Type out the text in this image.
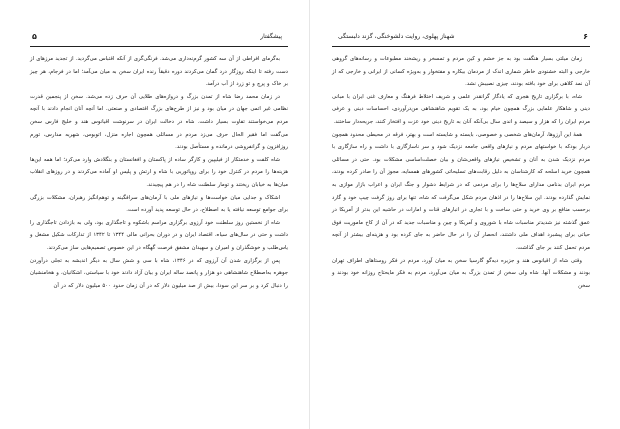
۵	پیشگفتار

به‌گرمای افراطی از آن سه کشور گرم‌نه‌داری می‌شد. فرنگی‌گری از آنکه اقتباس می‌گردید. از تجدید مرزهای از دست رفته تا اینکه روزگار درد گمان می‌کردند دوره دقیقاً رنده ایران سخن به میان می‌آمد؛ اما در فرجام، هر چیز بر خاک و پرچ و تو زرد از آب درآمد.

در زمان محمد رضا شاه از تمدن بزرگ و دروازه‌های طلایی آن حرف زده می‌شد. سخن از پنجمین قدرت نظامی غیر اتمی جهان در میان بود و نیز از طرح‌های بزرگ اقتصادی و صنعتی. اما آنچه آنان انجام دادند با آنچه مردم می‌خواستند تفاوت بسیار داشت. شاه در دخالت ایران در سرنوشت اقیانوس هند و خلیج فارس سخن می‌گفت اما فقیر الحال حرف می‌زد مردم در مسائلی همچون اجاره منزل، اتوبوس، شهریه مدارس، تورم روزافزون و گرانفروشی درمانده و مستأصل بودند.

شاه کلفت و خدمتکار از فیلیپین و کارگر ساده از پاکستان و افغانستان و بنگلادش وارد می‌کرد؛ اما همه این‌ها هزینه‌ها را مردم در کنترل خود را برای روپاتوریی با شاه و ارتش و پلیس او آماده می‌کردند و در روزهای انقلاب میان‌ها به خیابان ریختند و تومار سلطنت شاه را در هم پیچیدند.

اشکاک و جدایی میان خواست‌ها و نیازهای ملی با آرمان‌های سرافگینه و توهم‌انگیز رهبران، مشکلات بزرگی برای جوامع توسعه نیافته یا به اصطلاح، در حال توسعه پدید آورده است.

شاه از نخستین روز سلطنت خود آرزوی برگزاری مراسم باشکوه و تاجگذاری بود، ولی به بازدادن تاجگذاری را داشت و حتی در سال‌های سیاه، اقتصاد ایران و در دوران بحرانی مالی ۱۳۴۴ تا ۱۳۴۲ از تدارکات شکیل مشغل و یاس‌طلب و خوشگذران و امیران و سهیدان مشفق فرصت گهگاه در این خصوص تصمیم‌هایی ساز می‌کردند.

پس از برگزاری شدن آن آرزوی که در ۱۳۴۶، شاه با سی و شش سال به دیگر اندیشه به تجلی درآوردن جوهره به‌اصطلاح شاهنشاهی دو هزار و پانصد ساله ایران و بیان آزاد دادند خود با سیاستی، اشکانیان، و هخامنشیان را دنبال کرد و بر سر این سودا، بیش از صد میلیون دلار که در آن زمان حدود ۵۰۰ میلیون دلار که در آن

۶
شهناز پهلوی، روایت دلشوخنگی، گزند دلبستگی

زمان میلتی بسیار هنگفت بود به جز خشم و کین مردم و تمسخر و ریشخند مطبوعات و رسانه‌های گروهی خارجی و البته خشنودی خاطر شماری اندک از مردمان بیکاره و مفتخوار و به‌ویژه کسانی از ایرانی و خارجی که از آن نمد کلاهی برای خود بافته بودند، چیزی نصیبش نشد.

شاه، با برگزاری تاریخ هجری که یادگار گرانقدر علمی و شریف اختلاط فرهنگ و معارف غنی ایران با مبانی دینی و شاهکار علمایی بزرگ همچون خیام بود، به یک تقویم شاهنشاهی من‌درآوردی، احساسات دینی و عرفی مردم ایران را که هزار و سیصد و اندی سال بی‌آنکه آنان به تاریخ دینی خود عزت و افتخار کنند، جریحه‌دار ساختند.

همهٔ این آرزوها، آرمان‌های شخصی و خصوصی، بایسته و شایسته است و بهتر، فرقه در محیطی محدود همچون دربار بودکه با خواستهای مردم و نیازهای واقعی جامعه نزدیک شود و سر ناسازگاری با داشت و راه سازگاری با مردم نزدیک شدن به آنان و تشخیص نیازهای واقعی‌شان و بیان خصلت‌اساسی مشکلات بود. حتی در مسائلی همچون خرید اسلحه که کارشناسان به دلیل رقابت‌های تسلیحاتی کشورهای همسایه، مجوز آن را صادر کرده بودند، مردم ایران بدنامی مدارای سلاح‌ها را برای مردمی که در شرایط دشوار و جنگ ایران و اعراب بازار موازی به نمایش گذارده بودند. این سلاح‌ها را در اذهان مردم شکل می‌گرفت که شاه، تنها برای روز گرفت چیپ خود و گارد برحسب منافع بر وی خرید و حتی ساخت و با تجاری در انبارهای قنات و امارات در حاشیه این بدتر از آمریکا در عمق گذشته نیز شدیدتر مناسبات شاه با شوروی و آمریکا و چین و مناسبات جدید که در آن از کاخ ماموریت فوق حیاتی برای پیشبرد اهداف ملی داشتند، انحصار آن را در حال حاضر به جای کرده بود و هزینه‌ای بیشتر از آنچه مردم تحمل کنند بر جای گذاشت.

وقتی شاه از اقیانوس هند و جزیره دیه‌گو گارسیا سخن به میان آورد، مردم در فکر روستاهای اطراف تهران بودند و مشکلات آنها. شاه ولی سخن از تمدن بزرگ به میان می‌آورد، مردم به فکر مایحتاج روزانه خود بودند و سخن
